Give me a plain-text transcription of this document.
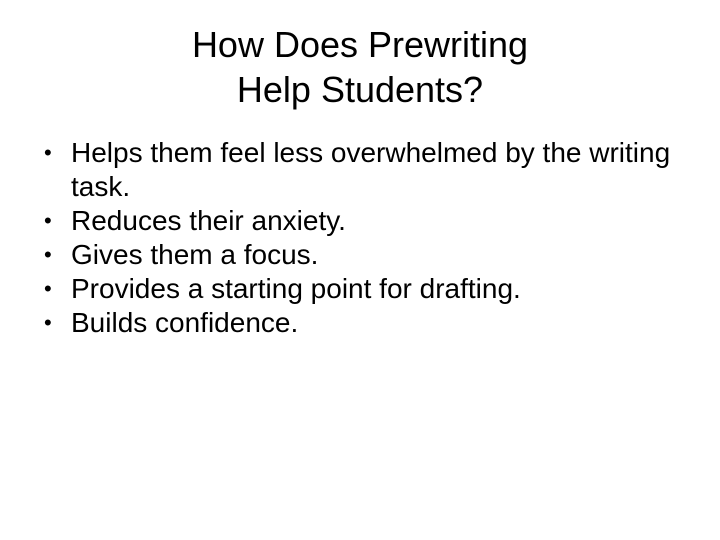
How Does Prewriting
Help Students?
• Helps them feel less overwhelmed by the writing task.
• Reduces their anxiety.
• Gives them a focus.
• Provides a starting point for drafting.
• Builds confidence.
